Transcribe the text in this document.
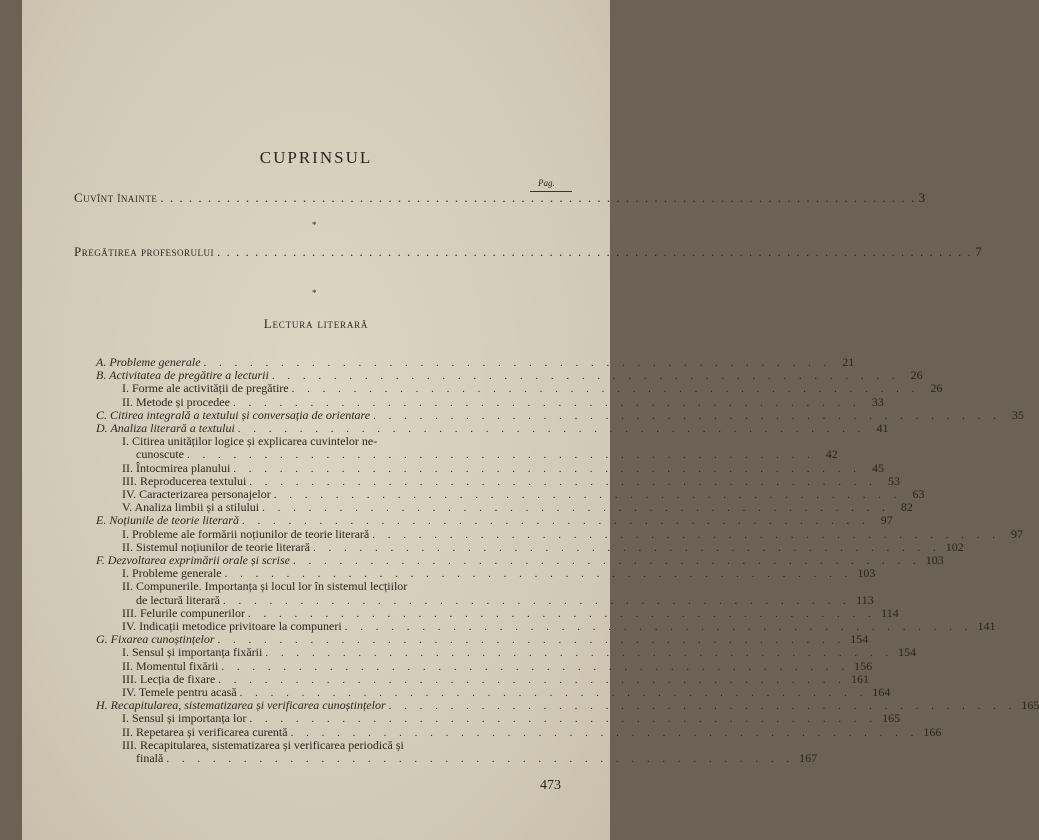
CUPRINSUL
Pag.
Cuvînt înainte . . . . . . . . . . . . . . . . . . . . . . . . . . . . . . . . . . . . . . . . . . . . . . . . . . . . . . . . . . . . . . . . . . . . . . . . . . . . . . . . 3
*
Pregătirea profesorului . . . . . . . . . . . . . . . . . . . . . . . . . . . . . . . . . . . . . . . . . . . . . . . . . . . . . . . . . . . . . . . . . . . . . . . . . . . . . . . . 7
*
Lectura literară
A. Probleme generale . . . . . . . . . . . . . . . . . . . . . . . . . . . . . . . . . . . . . . . . . 21
B. Activitatea de pregătire a lecturii . . . . . . . . . . . . . . . . . . . . . . . . . . . . . . . . . . . . . . . . . 26
I. Forme ale activității de pregătire . . . . . . . . . . . . . . . . . . . . . . . . . . . . . . . . . . . . . . . . . 26
II. Metode și procedee . . . . . . . . . . . . . . . . . . . . . . . . . . . . . . . . . . . . . . . . . 33
C. Citirea integrală a textului și conversația de orientare . . . . . . . . . . . . . . . . . . . . . . . . . . . . . . . . . . . . . . . . . 35
D. Analiza literară a textului . . . . . . . . . . . . . . . . . . . . . . . . . . . . . . . . . . . . . . . . . 41
I. Citirea unităților logice și explicarea cuvintelor ne-
cunoscute . . . . . . . . . . . . . . . . . . . . . . . . . . . . . . . . . . . . . . . . . 42
II. Întocmirea planului . . . . . . . . . . . . . . . . . . . . . . . . . . . . . . . . . . . . . . . . . 45
III. Reproducerea textului . . . . . . . . . . . . . . . . . . . . . . . . . . . . . . . . . . . . . . . . . 53
IV. Caracterizarea personajelor . . . . . . . . . . . . . . . . . . . . . . . . . . . . . . . . . . . . . . . . . 63
V. Analiza limbii și a stilului . . . . . . . . . . . . . . . . . . . . . . . . . . . . . . . . . . . . . . . . . 82
E. Noțiunile de teorie literară . . . . . . . . . . . . . . . . . . . . . . . . . . . . . . . . . . . . . . . . . 97
I. Probleme ale formării noțiunilor de teorie literară . . . . . . . . . . . . . . . . . . . . . . . . . . . . . . . . . . . . . . . . . 97
II. Sistemul noțiunilor de teorie literară . . . . . . . . . . . . . . . . . . . . . . . . . . . . . . . . . . . . . . . . . 102
F. Dezvoltarea exprimării orale și scrise . . . . . . . . . . . . . . . . . . . . . . . . . . . . . . . . . . . . . . . . . 103
I. Probleme generale . . . . . . . . . . . . . . . . . . . . . . . . . . . . . . . . . . . . . . . . . 103
II. Compunerile. Importanța și locul lor în sistemul lecțiilor
de lectură literară . . . . . . . . . . . . . . . . . . . . . . . . . . . . . . . . . . . . . . . . . 113
III. Felurile compunerilor . . . . . . . . . . . . . . . . . . . . . . . . . . . . . . . . . . . . . . . . . 114
IV. Indicații metodice privitoare la compuneri . . . . . . . . . . . . . . . . . . . . . . . . . . . . . . . . . . . . . . . . . 141
G. Fixarea cunoștințelor . . . . . . . . . . . . . . . . . . . . . . . . . . . . . . . . . . . . . . . . . 154
I. Sensul și importanța fixării . . . . . . . . . . . . . . . . . . . . . . . . . . . . . . . . . . . . . . . . . 154
II. Momentul fixării . . . . . . . . . . . . . . . . . . . . . . . . . . . . . . . . . . . . . . . . . 156
III. Lecția de fixare . . . . . . . . . . . . . . . . . . . . . . . . . . . . . . . . . . . . . . . . . 161
IV. Temele pentru acasă . . . . . . . . . . . . . . . . . . . . . . . . . . . . . . . . . . . . . . . . . 164
H. Recapitularea, sistematizarea și verificarea cunoștințelor . . . . . . . . . . . . . . . . . . . . . . . . . . . . . . . . . . . . . . . . . 165
I. Sensul și importanța lor . . . . . . . . . . . . . . . . . . . . . . . . . . . . . . . . . . . . . . . . . 165
II. Repetarea și verificarea curentă . . . . . . . . . . . . . . . . . . . . . . . . . . . . . . . . . . . . . . . . . 166
III. Recapitularea, sistematizarea și verificarea periodică și
finală . . . . . . . . . . . . . . . . . . . . . . . . . . . . . . . . . . . . . . . . . 167
473
